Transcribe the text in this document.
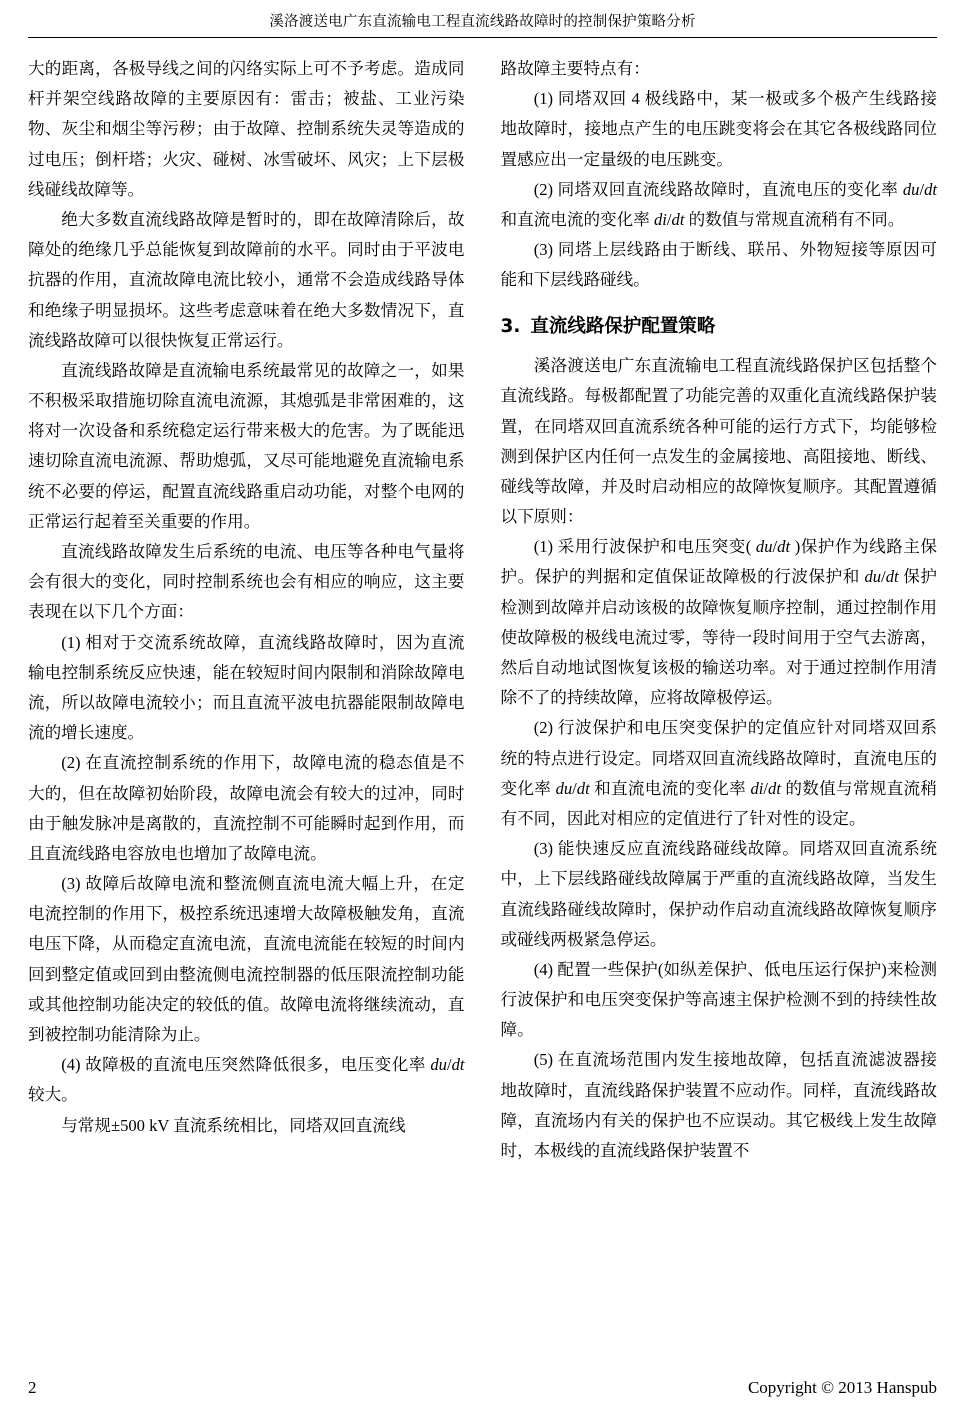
溪洛渡送电广东直流输电工程直流线路故障时的控制保护策略分析

大的距离，各极导线之间的闪络实际上可不予考虑。造成同杆并架空线路故障的主要原因有：雷击；被盐、工业污染物、灰尘和烟尘等污秽；由于故障、控制系统失灵等造成的过电压；倒杆塔；火灾、碰树、冰雪破坏、风灾；上下层极线碰线故障等。

绝大多数直流线路故障是暂时的，即在故障清除后，故障处的绝缘几乎总能恢复到故障前的水平。同时由于平波电抗器的作用，直流故障电流比较小，通常不会造成线路导体和绝缘子明显损坏。这些考虑意味着在绝大多数情况下，直流线路故障可以很快恢复正常运行。

直流线路故障是直流输电系统最常见的故障之一，如果不积极采取措施切除直流电流源，其熄弧是非常困难的，这将对一次设备和系统稳定运行带来极大的危害。为了既能迅速切除直流电流源、帮助熄弧，又尽可能地避免直流输电系统不必要的停运，配置直流线路重启动功能，对整个电网的正常运行起着至关重要的作用。

直流线路故障发生后系统的电流、电压等各种电气量将会有很大的变化，同时控制系统也会有相应的响应，这主要表现在以下几个方面：

(1) 相对于交流系统故障，直流线路故障时，因为直流输电控制系统反应快速，能在较短时间内限制和消除故障电流，所以故障电流较小；而且直流平波电抗器能限制故障电流的增长速度。

(2) 在直流控制系统的作用下，故障电流的稳态值是不大的，但在故障初始阶段，故障电流会有较大的过冲，同时由于触发脉冲是离散的，直流控制不可能瞬时起到作用，而且直流线路电容放电也增加了故障电流。

(3) 故障后故障电流和整流侧直流电流大幅上升，在定电流控制的作用下，极控系统迅速增大故障极触发角，直流电压下降，从而稳定直流电流，直流电流能在较短的时间内回到整定值或回到由整流侧电流控制器的低压限流控制功能或其他控制功能决定的较低的值。故障电流将继续流动，直到被控制功能清除为止。

(4) 故障极的直流电压突然降低很多，电压变化率 du/dt 较大。

与常规±500 kV 直流系统相比，同塔双回直流线

路故障主要特点有：

(1) 同塔双回 4 极线路中，某一极或多个极产生线路接地故障时，接地点产生的电压跳变将会在其它各极线路同位置感应出一定量级的电压跳变。

(2) 同塔双回直流线路故障时，直流电压的变化率 du/dt 和直流电流的变化率 di/dt 的数值与常规直流稍有不同。

(3) 同塔上层线路由于断线、联吊、外物短接等原因可能和下层线路碰线。

3. 直流线路保护配置策略

溪洛渡送电广东直流输电工程直流线路保护区包括整个直流线路。每极都配置了功能完善的双重化直流线路保护装置，在同塔双回直流系统各种可能的运行方式下，均能够检测到保护区内任何一点发生的金属接地、高阻接地、断线、碰线等故障，并及时启动相应的故障恢复顺序。其配置遵循以下原则：

(1) 采用行波保护和电压突变( du/dt )保护作为线路主保护。保护的判据和定值保证故障极的行波保护和 du/dt 保护检测到故障并启动该极的故障恢复顺序控制，通过控制作用使故障极的极线电流过零，等待一段时间用于空气去游离，然后自动地试图恢复该极的输送功率。对于通过控制作用清除不了的持续故障，应将故障极停运。

(2) 行波保护和电压突变保护的定值应针对同塔双回系统的特点进行设定。同塔双回直流线路故障时，直流电压的变化率 du/dt 和直流电流的变化率 di/dt 的数值与常规直流稍有不同，因此对相应的定值进行了针对性的设定。

(3) 能快速反应直流线路碰线故障。同塔双回直流系统中，上下层线路碰线故障属于严重的直流线路故障，当发生直流线路碰线故障时，保护动作启动直流线路故障恢复顺序或碰线两极紧急停运。

(4) 配置一些保护(如纵差保护、低电压运行保护)来检测行波保护和电压突变保护等高速主保护检测不到的持续性故障。

(5) 在直流场范围内发生接地故障，包括直流滤波器接地故障时，直流线路保护装置不应动作。同样，直流线路故障，直流场内有关的保护也不应误动。其它极线上发生故障时，本极线的直流线路保护装置不

2	Copyright © 2013 Hanspub
